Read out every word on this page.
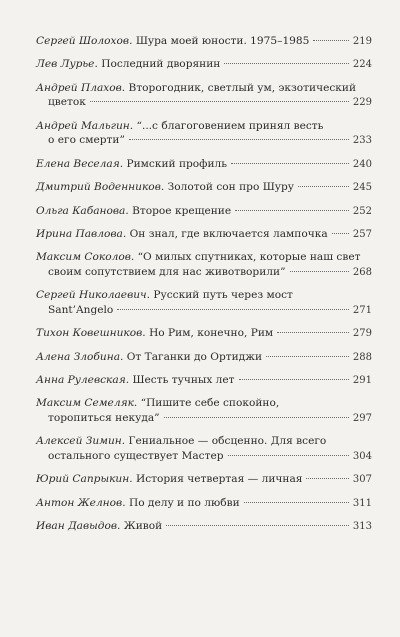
Сергей Шолохов.
Шура моей юности. 1975–1985	219
Лев Лурье.
Последний дворянин	224
Андрей Плахов.
Второгодник, светлый ум, экзотический
цветок	229
Андрей Мальгин.
“...с благоговением принял весть
о его смерти”	233
Елена Веселая.
Римский профиль	240
Дмитрий Воденников.
Золотой сон про Шуру	245
Ольга Кабанова.
Второе крещение	252
Ирина Павлова.
Он знал, где включается лампочка	257
Максим Соколов.
“О милых спутниках, которые наш свет
своим сопутствием для нас животворили”	268
Сергей Николаевич.
Русский путь через мост
Sant’Angelo	271
Тихон Ковешников.
Но Рим, конечно, Рим	279
Алена Злобина.
От Таганки до Ортиджи	288
Анна Рулевская.
Шесть тучных лет	291
Максим Семеляк.
“Пишите себе спокойно,
торопиться некуда”	297
Алексей Зимин.
Гениальное — обсценно. Для всего
остального существует Мастер	304
Юрий Сапрыкин.
История четвертая — личная	307
Антон Желнов.
По делу и по любви	311
Иван Давыдов.
Живой	313
